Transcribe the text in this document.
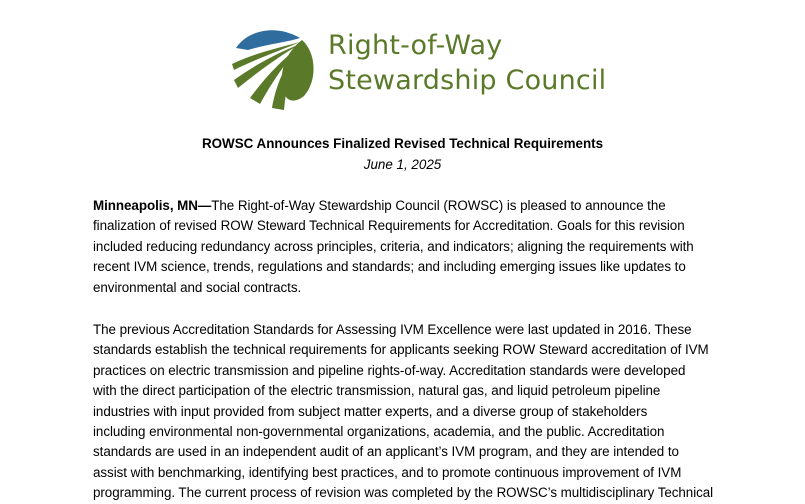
Right-of-Way
Stewardship Council
ROWSC Announces Finalized Revised Technical Requirements
June 1, 2025

Minneapolis, MN—The Right-of-Way Stewardship Council (ROWSC) is pleased to announce the
finalization of revised ROW Steward Technical Requirements for Accreditation. Goals for this revision
included reducing redundancy across principles, criteria, and indicators; aligning the requirements with
recent IVM science, trends, regulations and standards; and including emerging issues like updates to
environmental and social contracts.

The previous Accreditation Standards for Assessing IVM Excellence were last updated in 2016. These
standards establish the technical requirements for applicants seeking ROW Steward accreditation of IVM
practices on electric transmission and pipeline rights-of-way. Accreditation standards were developed
with the direct participation of the electric transmission, natural gas, and liquid petroleum pipeline
industries with input provided from subject matter experts, and a diverse group of stakeholders
including environmental non-governmental organizations, academia, and the public. Accreditation
standards are used in an independent audit of an applicant’s IVM program, and they are intended to
assist with benchmarking, identifying best practices, and to promote continuous improvement of IVM
programming. The current process of revision was completed by the ROWSC’s multidisciplinary Technical
